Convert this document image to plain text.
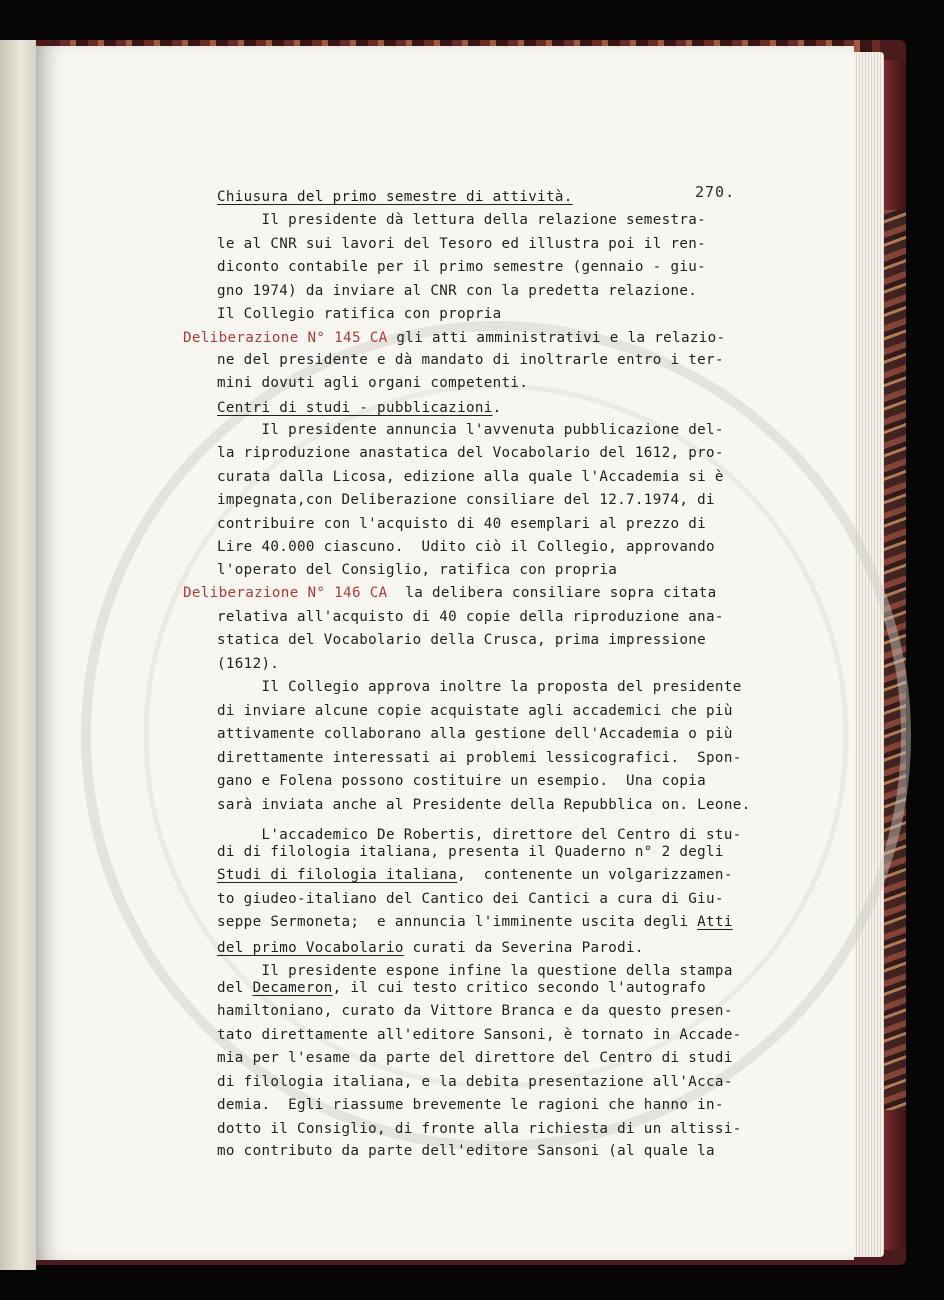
270.
Chiusura del primo semestre di attività.
Il presidente dà lettura della relazione semestra-
le al CNR sui lavori del Tesoro ed illustra poi il ren-
diconto contabile per il primo semestre (gennaio - giu-
gno 1974) da inviare al CNR con la predetta relazione.
Il Collegio ratifica con propria
Deliberazione N° 145 CA gli atti amministrativi e la relazio-
ne del presidente e dà mandato di inoltrarle entro i ter-
mini dovuti agli organi competenti.
Centri di studi - pubblicazioni.
Il presidente annuncia l'avvenuta pubblicazione del-
la riproduzione anastatica del Vocabolario del 1612, pro-
curata dalla Licosa, edizione alla quale l'Accademia si è
impegnata,con Deliberazione consiliare del 12.7.1974, di
contribuire con l'acquisto di 40 esemplari al prezzo di
Lire 40.000 ciascuno.  Udito ciò il Collegio, approvando
l'operato del Consiglio, ratifica con propria
Deliberazione N° 146 CA  la delibera consiliare sopra citata
relativa all'acquisto di 40 copie della riproduzione ana-
statica del Vocabolario della Crusca, prima impressione
(1612).
Il Collegio approva inoltre la proposta del presidente
di inviare alcune copie acquistate agli accademici che più
attivamente collaborano alla gestione dell'Accademia o più
direttamente interessati ai problemi lessicografici.  Spon-
gano e Folena possono costituire un esempio.  Una copia
sarà inviata anche al Presidente della Repubblica on. Leone.
L'accademico De Robertis, direttore del Centro di stu-
di di filologia italiana, presenta il Quaderno n° 2 degli
Studi di filologia italiana,  contenente un volgarizzamen-
to giudeo-italiano del Cantico dei Cantici a cura di Giu-
seppe Sermoneta;  e annuncia l'imminente uscita degli Atti
del primo Vocabolario curati da Severina Parodi.
Il presidente espone infine la questione della stampa
del Decameron, il cui testo critico secondo l'autografo
hamiltoniano, curato da Vittore Branca e da questo presen-
tato direttamente all'editore Sansoni, è tornato in Accade-
mia per l'esame da parte del direttore del Centro di studi
di filologia italiana, e la debita presentazione all'Acca-
demia.  Egli riassume brevemente le ragioni che hanno in-
dotto il Consiglio, di fronte alla richiesta di un altissi-
mo contributo da parte dell'editore Sansoni (al quale la
